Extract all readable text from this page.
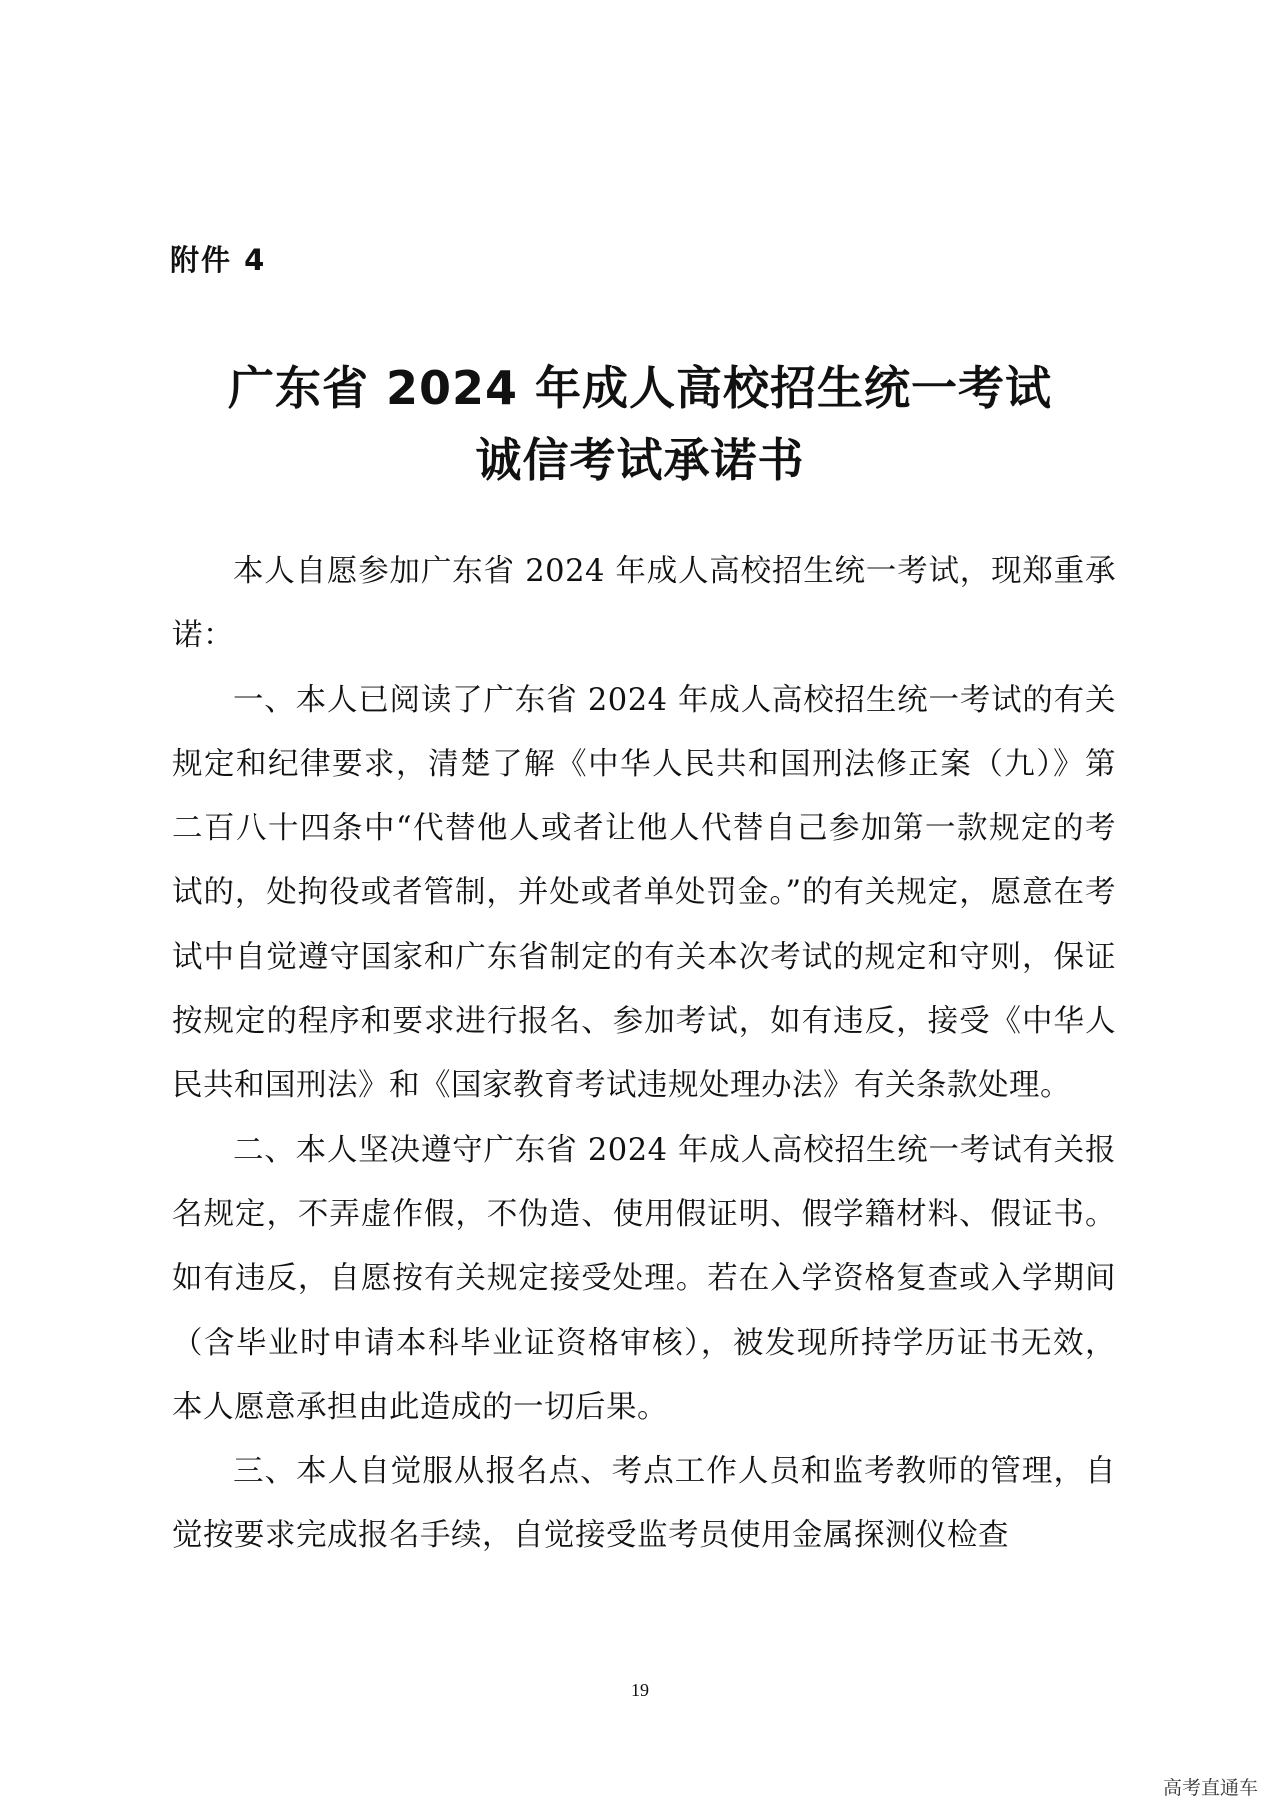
附件 4
广东省 2024 年成人高校招生统一考试
诚信考试承诺书

本人自愿参加广东省 2024 年成人高校招生统一考试，现郑重承诺：

一、本人已阅读了广东省 2024 年成人高校招生统一考试的有关规定和纪律要求，清楚了解《中华人民共和国刑法修正案（九）》第二百八十四条中“代替他人或者让他人代替自己参加第一款规定的考试的，处拘役或者管制，并处或者单处罚金。”的有关规定，愿意在考试中自觉遵守国家和广东省制定的有关本次考试的规定和守则，保证按规定的程序和要求进行报名、参加考试，如有违反，接受《中华人民共和国刑法》和《国家教育考试违规处理办法》有关条款处理。

二、本人坚决遵守广东省 2024 年成人高校招生统一考试有关报名规定，不弄虚作假，不伪造、使用假证明、假学籍材料、假证书。如有违反，自愿按有关规定接受处理。若在入学资格复查或入学期间（含毕业时申请本科毕业证资格审核），被发现所持学历证书无效，本人愿意承担由此造成的一切后果。

三、本人自觉服从报名点、考点工作人员和监考教师的管理，自觉按要求完成报名手续，自觉接受监考员使用金属探测仪检查

19
高考直通车
